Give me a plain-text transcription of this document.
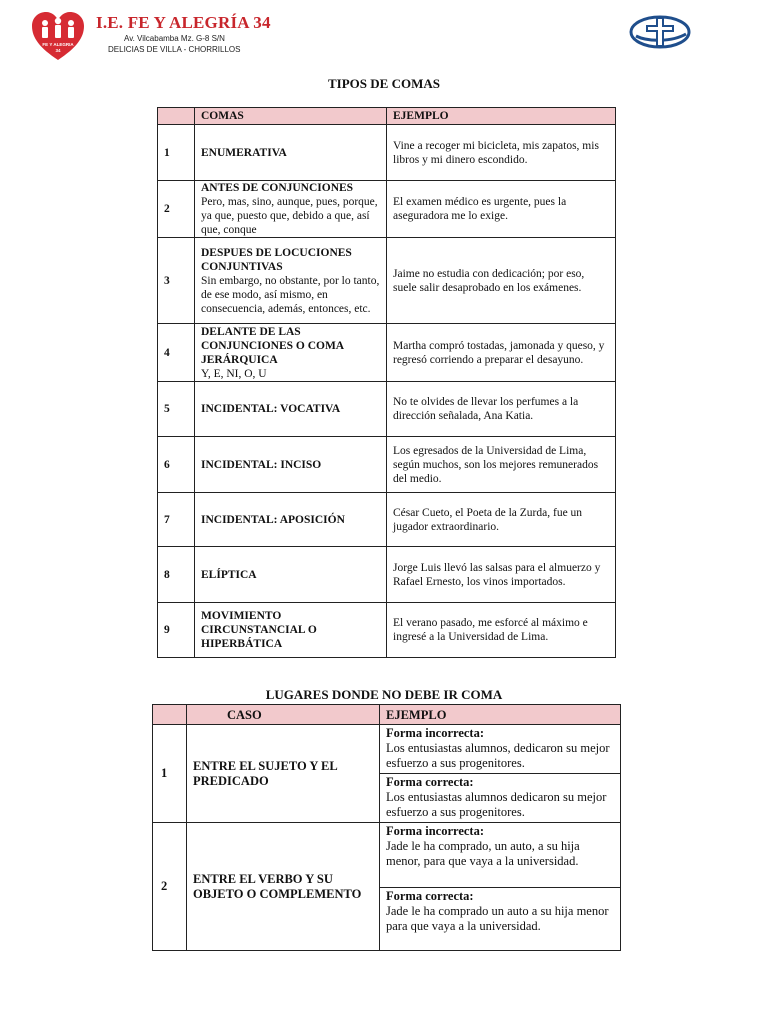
FE Y ALEGRIA
34
I.E. FE Y ALEGRÍA 34
Av. Vilcabamba Mz. G-8 S/N
DELICIAS DE VILLA - CHORRILLOS
TIPOS DE COMAS
	COMAS	EJEMPLO
1	ENUMERATIVA	Vine a recoger mi bicicleta, mis zapatos, mis libros y mi dinero escondido.
2	ANTES DE CONJUNCIONES
Pero, mas, sino, aunque, pues, porque, ya que, puesto que, debido a que, así que, conque	El examen médico es urgente, pues la aseguradora me lo exige.
3	DESPUES DE LOCUCIONES CONJUNTIVAS
Sin embargo, no obstante, por lo tanto, de ese modo, así mismo, en consecuencia, además, entonces, etc.	Jaime no estudia con dedicación; por eso, suele salir desaprobado en los exámenes.
4	DELANTE DE LAS CONJUNCIONES O COMA JERÁRQUICA
Y, E, NI, O, U	Martha compró tostadas, jamonada y queso, y regresó corriendo a preparar el desayuno.
5	INCIDENTAL: VOCATIVA	No te olvides de llevar los perfumes a la dirección señalada, Ana Katia.
6	INCIDENTAL: INCISO	Los egresados de la Universidad de Lima, según muchos, son los mejores remunerados del medio.
7	INCIDENTAL: APOSICIÓN	César Cueto, el Poeta de la Zurda, fue un jugador extraordinario.
8	ELÍPTICA	Jorge Luis llevó las salsas para el almuerzo y Rafael Ernesto, los vinos importados.
9	MOVIMIENTO CIRCUNSTANCIAL O HIPERBÁTICA	El verano pasado, me esforcé al máximo e ingresé a la Universidad de Lima.
LUGARES DONDE NO DEBE IR COMA
	CASO	EJEMPLO
1	ENTRE EL SUJETO Y EL PREDICADO	Forma incorrecta:
Los entusiastas alumnos, dedicaron su mejor esfuerzo a sus progenitores.

		Forma correcta:
Los entusiastas alumnos dedicaron su mejor esfuerzo a sus progenitores.
2	ENTRE EL VERBO Y SU OBJETO O COMPLEMENTO	Forma incorrecta:
Jade le ha comprado, un auto, a su hija menor, para que vaya a la universidad.

		Forma correcta:
Jade le ha comprado un auto a su hija menor para que vaya a la universidad.
